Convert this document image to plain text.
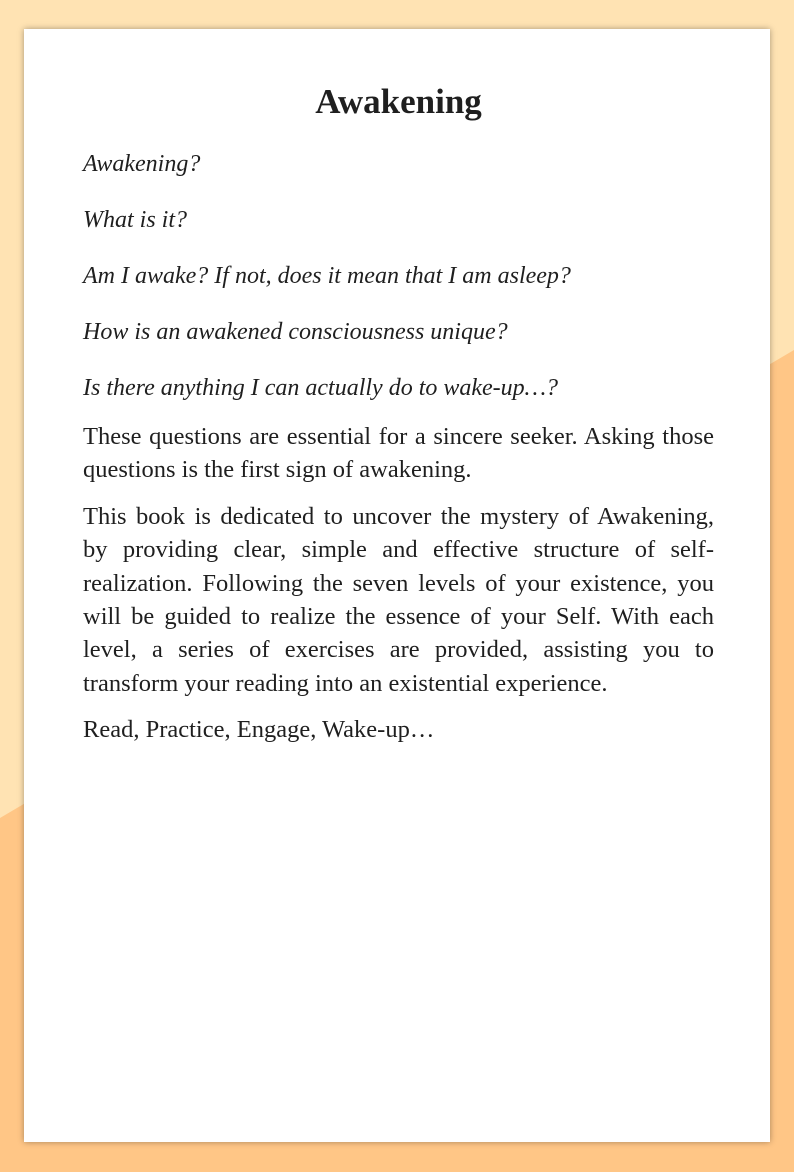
Awakening

Awakening?

What is it?

Am I awake? If not, does it mean that I am asleep?

How is an awakened consciousness unique?

Is there anything I can actually do to wake-up…?

These questions are essential for a sincere seeker. Asking those questions is the first sign of awakening.

This book is dedicated to uncover the mystery of Awakening, by providing clear, simple and effective structure of self-realization. Following the seven levels of your existence, you will be guided to realize the essence of your Self. With each level, a series of exercises are provided, assisting you to transform your reading into an existential experience.

Read, Practice, Engage, Wake-up…
